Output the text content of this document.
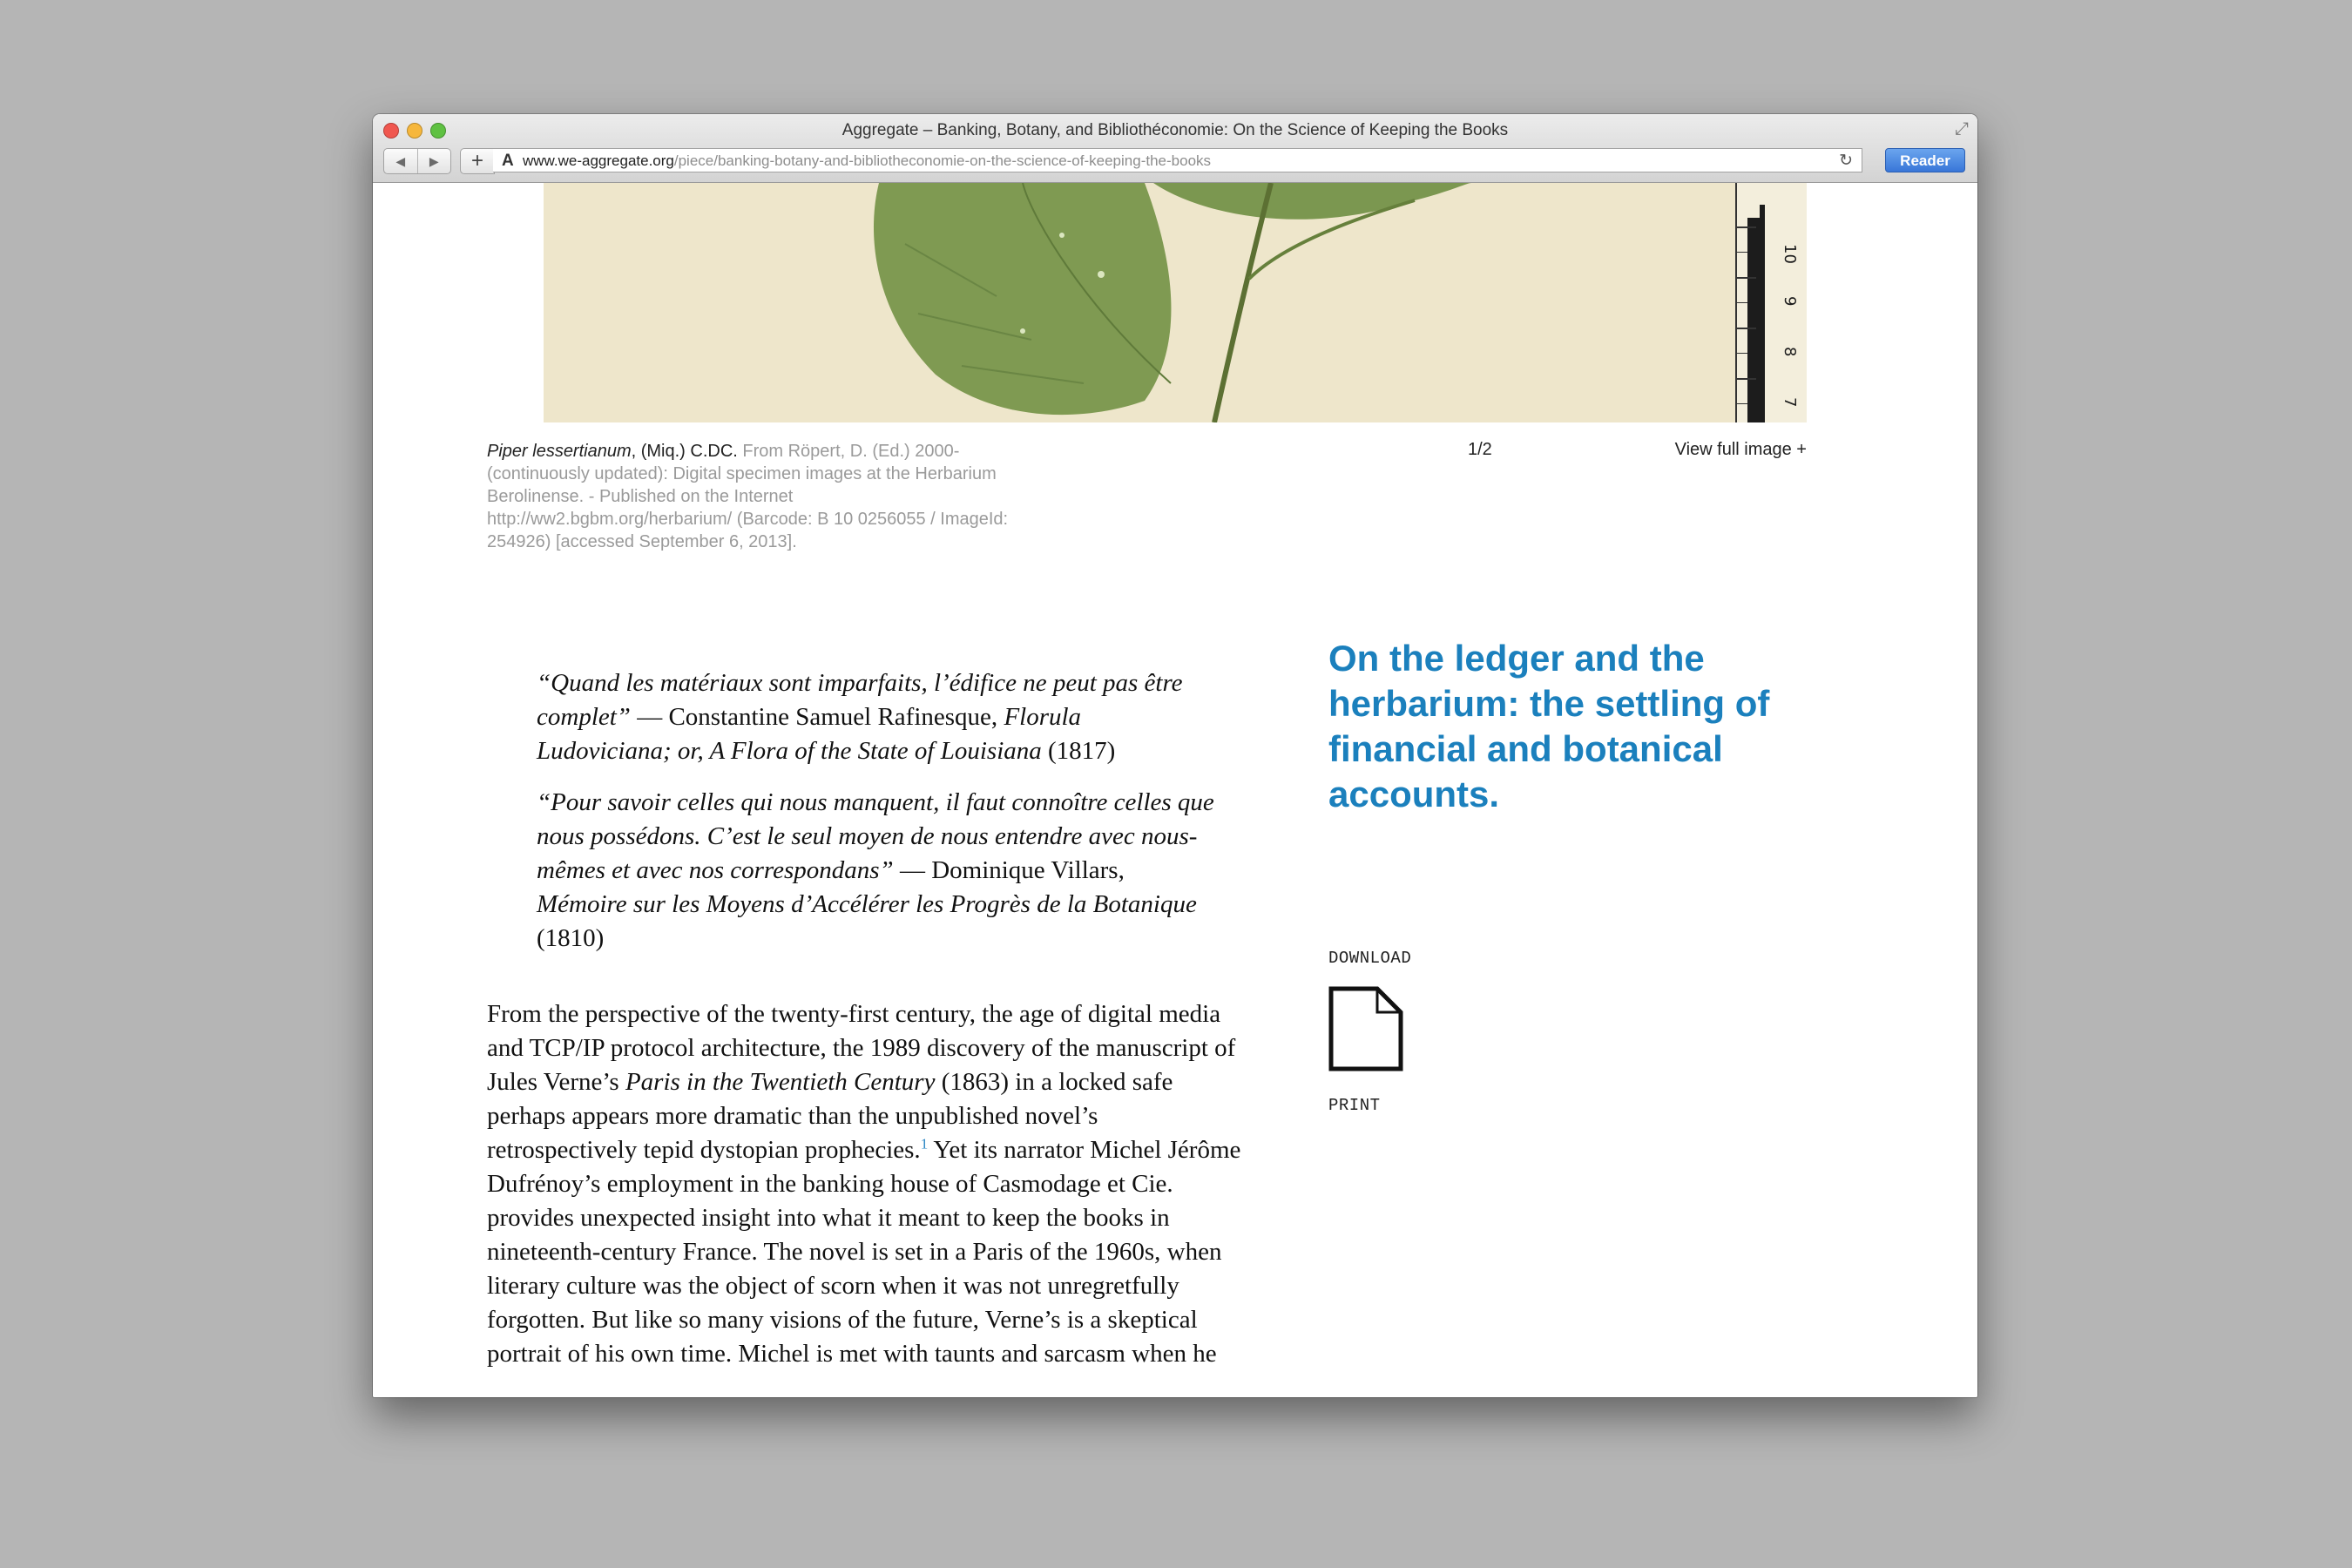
Aggregate – Banking, Botany, and Bibliothéconomie: On the Science of Keeping the Books	⤢
◀	▶	+	A www.we-aggregate.org/piece/banking-botany-and-bibliotheconomie-on-the-science-of-keeping-the-books	↻	Reader
10
9
8
7
Piper lessertianum, (Miq.) C.DC. From Röpert, D. (Ed.) 2000- (continuously updated): Digital specimen images at the Herbarium Berolinense. - Published on the Internet http://ww2.bgbm.org/herbarium/ (Barcode: B 10 0256055 / ImageId: 254926) [accessed September 6, 2013].
1/2	View full image +

“Quand les matériaux sont imparfaits, l’édifice ne peut pas être complet” — Constantine Samuel Rafinesque, Florula Ludoviciana; or, A Flora of the State of Louisiana (1817)

“Pour savoir celles qui nous manquent, il faut connoître celles que nous possédons. C’est le seul moyen de nous entendre avec nous-mêmes et avec nos correspondans” — Dominique Villars, Mémoire sur les Moyens d’Accélérer les Progrès de la Botanique (1810)

From the perspective of the twenty-first century, the age of digital media and TCP/IP protocol architecture, the 1989 discovery of the manuscript of Jules Verne’s Paris in the Twentieth Century (1863) in a locked safe perhaps appears more dramatic than the unpublished novel’s retrospectively tepid dystopian prophecies.$^1$ Yet its narrator Michel Jérôme Dufrénoy’s employment in the banking house of Casmodage et Cie. provides unexpected insight into what it meant to keep the books in nineteenth-century France. The novel is set in a Paris of the 1960s, when literary culture was the object of scorn when it was not unregretfully forgotten. But like so many visions of the future, Verne’s is a skeptical portrait of his own time. Michel is met with taunts and sarcasm when he

On the ledger and the herbarium: the settling of financial and botanical accounts.
DOWNLOAD
PRINT
